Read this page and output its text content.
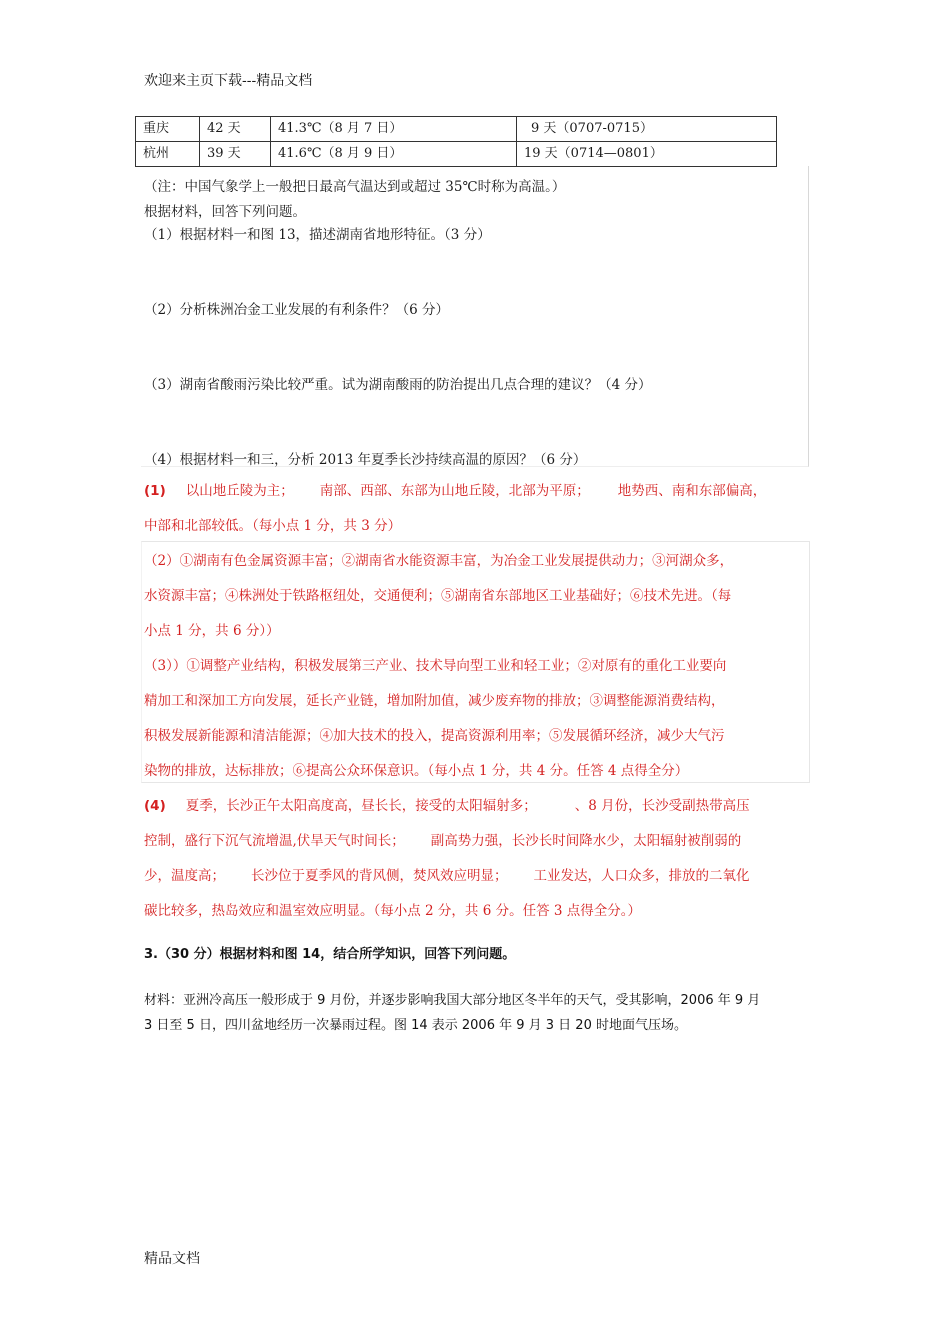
欢迎来主页下载---精品文档
重庆	42 天	41.3℃（8 月 7 日）	9 天（0707-0715）
杭州	39 天	41.6℃（8 月 9 日）	19 天（0714—0801）
（注：中国气象学上一般把日最高气温达到或超过 35℃时称为高温。）
根据材料，回答下列问题。
（1）根据材料一和图 13，描述湖南省地形特征。（3 分）
（2）分析株洲冶金工业发展的有利条件？（6 分）
（3）湖南省酸雨污染比较严重。试为湖南酸雨的防治提出几点合理的建议？（4 分）
（4）根据材料一和三，分析 2013 年夏季长沙持续高温的原因？（6 分）
(1) 以山地丘陵为主； 南部、西部、东部为山地丘陵，北部为平原； 地势西、南和东部偏高，
中部和北部较低。（每小点 1 分，共 3 分）
（2）①湖南有色金属资源丰富；②湖南省水能资源丰富，为冶金工业发展提供动力；③河湖众多，
水资源丰富；④株洲处于铁路枢纽处，交通便利；⑤湖南省东部地区工业基础好；⑥技术先进。（每
小点 1 分，共 6 分））
（3））①调整产业结构，积极发展第三产业、技术导向型工业和轻工业；②对原有的重化工业要向
精加工和深加工方向发展，延长产业链，增加附加值，减少废弃物的排放；③调整能源消费结构，
积极发展新能源和清洁能源；④加大技术的投入，提高资源利用率；⑤发展循环经济，减少大气污
染物的排放，达标排放；⑥提高公众环保意识。（每小点 1 分，共 4 分。任答 4 点得全分）
(4) 夏季，长沙正午太阳高度高，昼长长，接受的太阳辐射多；	、8 月份，长沙受副热带高压
控制，盛行下沉气流增温,伏旱天气时间长； 副高势力强，长沙长时间降水少，太阳辐射被削弱的
少，温度高； 长沙位于夏季风的背风侧，焚风效应明显； 工业发达，人口众多，排放的二氧化
碳比较多，热岛效应和温室效应明显。（每小点 2 分，共 6 分。任答 3 点得全分。）
3.（30 分）根据材料和图 14，结合所学知识，回答下列问题。
材料：亚洲冷高压一般形成于 9 月份，并逐步影响我国大部分地区冬半年的天气，受其影响，2006 年 9 月
3 日至 5 日，四川盆地经历一次暴雨过程。图 14 表示 2006 年 9 月 3 日 20 时地面气压场。
精品文档
